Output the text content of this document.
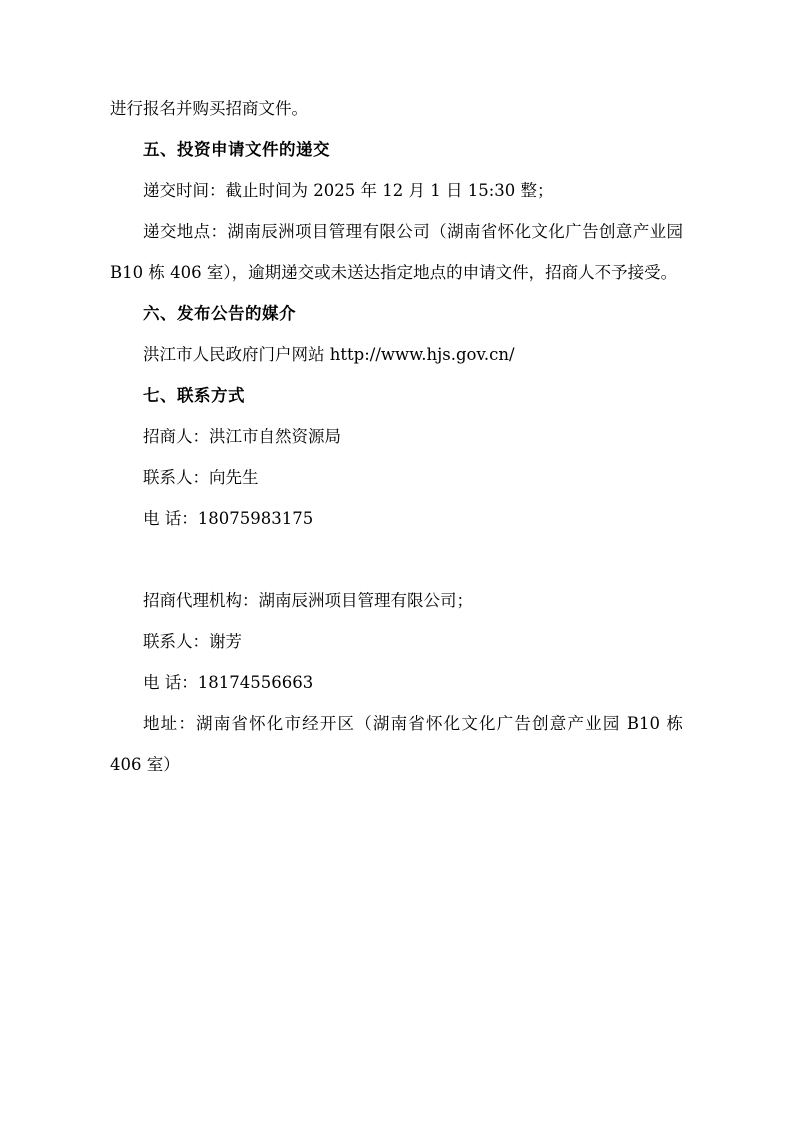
进行报名并购买招商文件。

五、投资申请文件的递交

递交时间：截止时间为 2025 年 12 月 1 日 15:30 整；

递交地点：湖南辰洲项目管理有限公司（湖南省怀化文化广告创意产业园 B10 栋 406 室），逾期递交或未送达指定地点的申请文件，招商人不予接受。

六、发布公告的媒介

洪江市人民政府门户网站 http://www.hjs.gov.cn/

七、联系方式

招商人：洪江市自然资源局

联系人：向先生

电 话：18075983175

招商代理机构：湖南辰洲项目管理有限公司；

联系人：谢芳

电 话：18174556663

地址：湖南省怀化市经开区（湖南省怀化文化广告创意产业园 B10 栋 406 室）
